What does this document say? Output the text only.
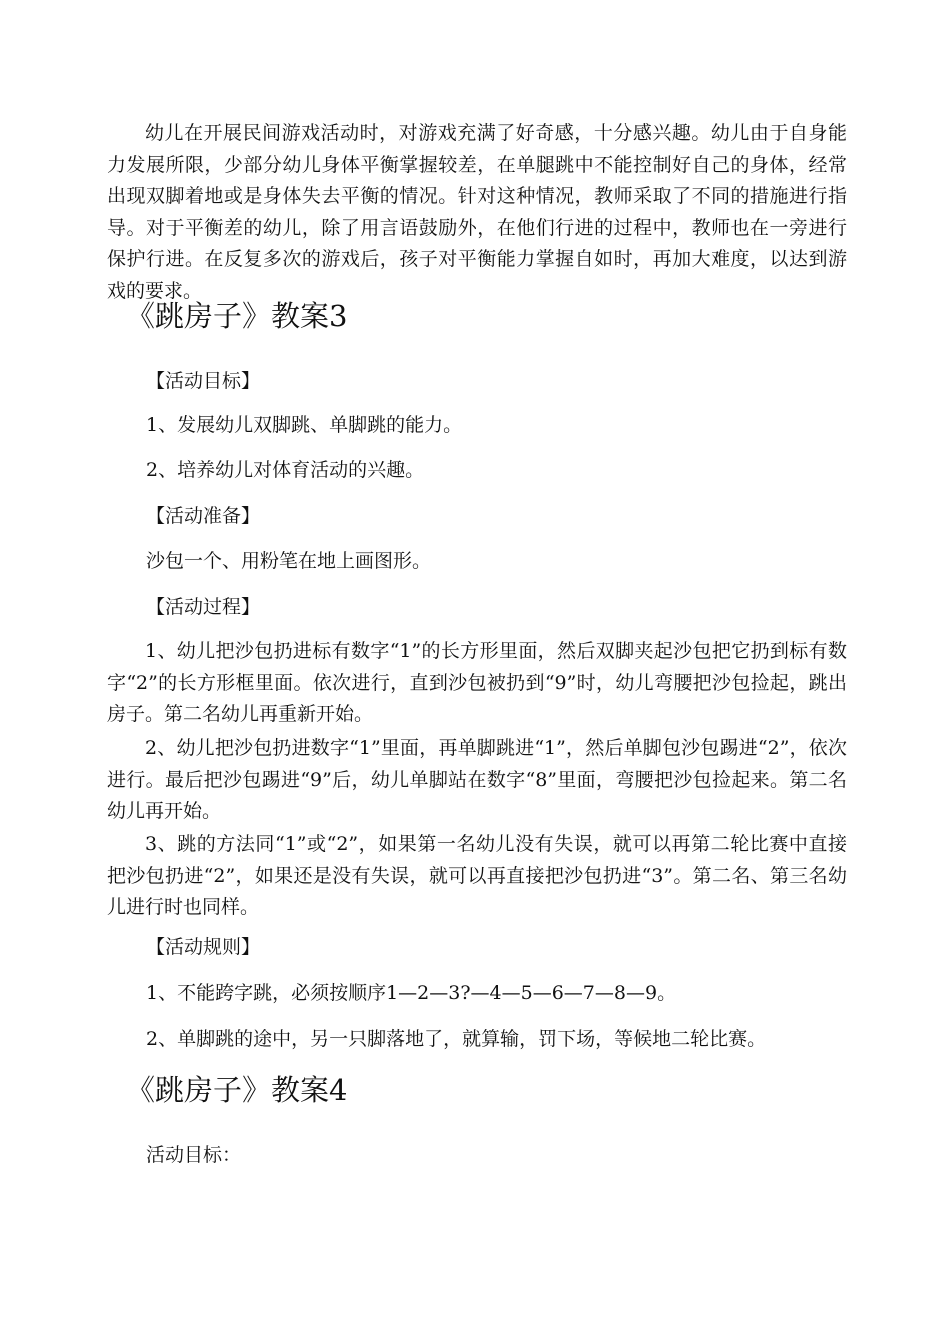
幼儿在开展民间游戏活动时，对游戏充满了好奇感，十分感兴趣。幼儿由于自身能力发展所限，少部分幼儿身体平衡掌握较差，在单腿跳中不能控制好自己的身体，经常出现双脚着地或是身体失去平衡的情况。针对这种情况，教师采取了不同的措施进行指导。对于平衡差的幼儿，除了用言语鼓励外，在他们行进的过程中，教师也在一旁进行保护行进。在反复多次的游戏后，孩子对平衡能力掌握自如时，再加大难度，以达到游戏的要求。

《跳房子》教案3

【活动目标】

1、发展幼儿双脚跳、单脚跳的能力。

2、培养幼儿对体育活动的兴趣。

【活动准备】

沙包一个、用粉笔在地上画图形。

【活动过程】

1、幼儿把沙包扔进标有数字“1”的长方形里面，然后双脚夹起沙包把它扔到标有数字“2”的长方形框里面。依次进行，直到沙包被扔到“9”时，幼儿弯腰把沙包捡起，跳出房子。第二名幼儿再重新开始。

2、幼儿把沙包扔进数字“1”里面，再单脚跳进“1”，然后单脚包沙包踢进“2”，依次进行。最后把沙包踢进“9”后，幼儿单脚站在数字“8”里面，弯腰把沙包捡起来。第二名幼儿再开始。

3、跳的方法同“1”或“2”，如果第一名幼儿没有失误，就可以再第二轮比赛中直接把沙包扔进“2”，如果还是没有失误，就可以再直接把沙包扔进“3”。第二名、第三名幼儿进行时也同样。

【活动规则】

1、不能跨字跳，必须按顺序1—2—3?—4—5—6—7—8—9。

2、单脚跳的途中，另一只脚落地了，就算输，罚下场，等候地二轮比赛。

《跳房子》教案4

活动目标：
